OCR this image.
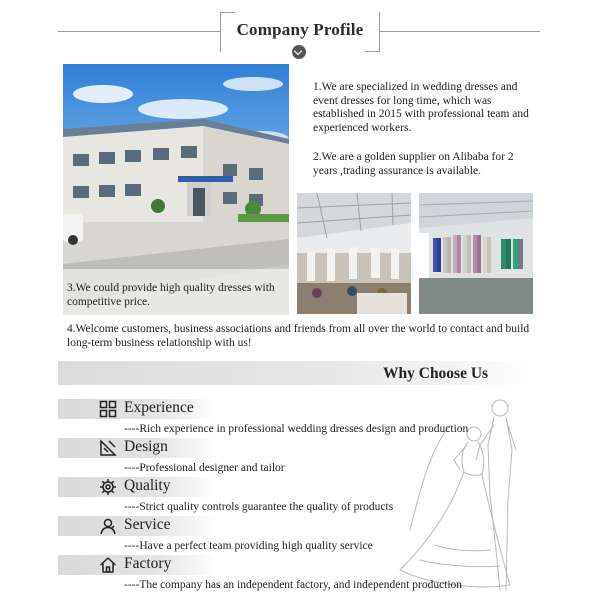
Company Profile
1.We are specialized in wedding dresses and event dresses for long time, which was established in 2015 with professional team and experienced workers.
2.We are a golden supplier on Alibaba for 2 years ,trading assurance is available.
3.We could provide high quality dresses with competitive price.
4.Welcome customers, business associations and friends from all over the world to contact and build long-term business relationship with us!
Why Choose Us
Experience
----Rich experience in professional wedding dresses design and production
Design
----Professional designer and tailor
Quality
----Strict quality controls guarantee the quality of products
Service
----Have a perfect team providing high quality service
Factory
----The company has an independent factory, and independent production
